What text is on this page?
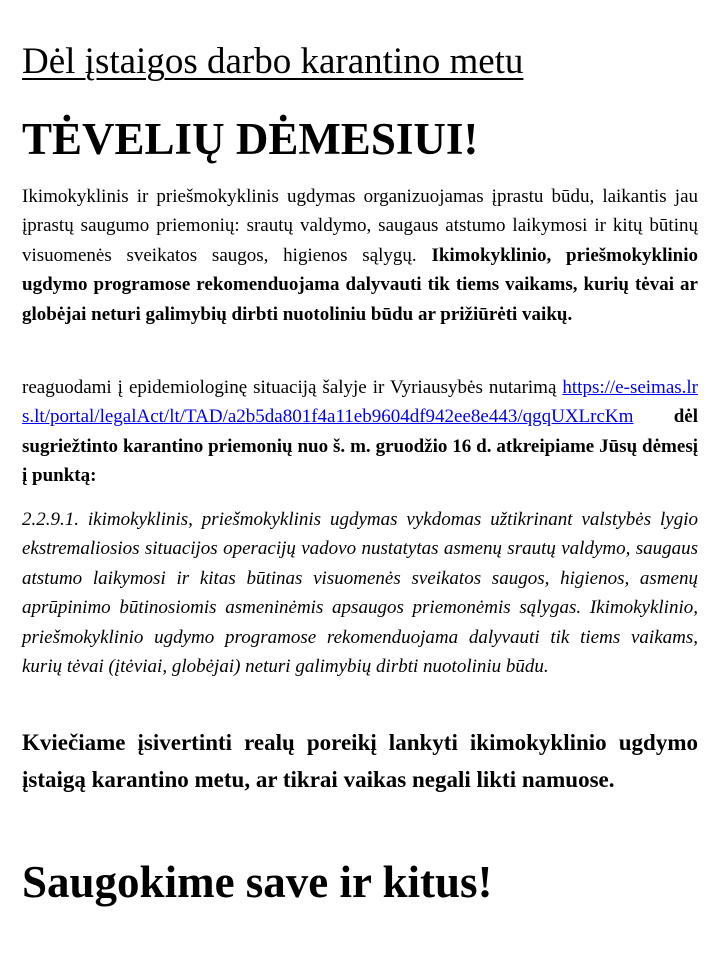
Dėl įstaigos darbo karantino metu
TĖVELIŲ DĖMESIUI!
Ikimokyklinis ir priešmokyklinis ugdymas organizuojamas įprastu būdu, laikantis jau įprastų saugumo priemonių: srautų valdymo, saugaus atstumo laikymosi ir kitų būtinų visuomenės sveikatos saugos, higienos sąlygų. Ikimokyklinio, priešmokyklinio ugdymo programose rekomenduojama dalyvauti tik tiems vaikams, kurių tėvai ar globėjai neturi galimybių dirbti nuotoliniu būdu ar prižiūrėti vaikų.
reaguodami į epidemiologinę situaciją šalyje ir Vyriausybės nutarimą https://e-seimas.lrs.lt/portal/legalAct/lt/TAD/a2b5da801f4a11eb9604df942ee8e443/qgqUXLrcKm dėl sugriežtinto karantino priemonių nuo š. m. gruodžio 16 d. atkreipiame Jūsų dėmesį į punktą:
2.2.9.1. ikimokyklinis, priešmokyklinis ugdymas vykdomas užtikrinant valstybės lygio ekstremaliosios situacijos operacijų vadovo nustatytas asmenų srautų valdymo, saugaus atstumo laikymosi ir kitas būtinas visuomenės sveikatos saugos, higienos, asmenų aprūpinimo būtinosiomis asmeninėmis apsaugos priemonėmis sąlygas. Ikimokyklinio, priešmokyklinio ugdymo programose rekomenduojama dalyvauti tik tiems vaikams, kurių tėvai (įtėviai, globėjai) neturi galimybių dirbti nuotoliniu būdu.
Kviečiame įsivertinti realų poreikį lankyti ikimokyklinio ugdymo įstaigą karantino metu, ar tikrai vaikas negali likti namuose.
Saugokime save ir kitus!
